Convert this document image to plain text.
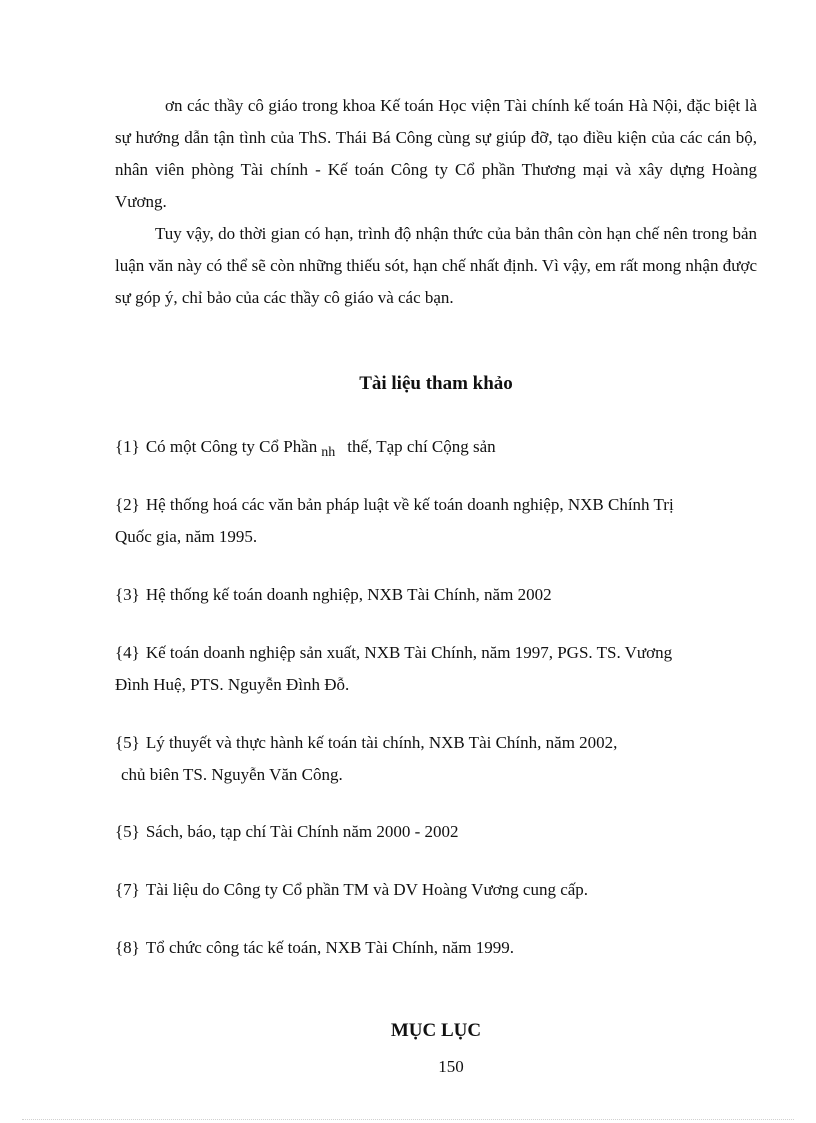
ơn các thầy cô giáo trong khoa Kế toán Học viện Tài chính kế toán Hà Nội, đặc biệt là sự hướng dẫn tận tình của ThS. Thái Bá Công cùng sự giúp đỡ, tạo điều kiện của các cán bộ, nhân viên phòng Tài chính - Kế toán Công ty Cổ phần Thương mại và xây dựng Hoàng Vương.

Tuy vậy, do thời gian có hạn, trình độ nhận thức của bản thân còn hạn chế nên trong bản luận văn này có thể sẽ còn những thiếu sót, hạn chế nhất định. Vì vậy, em rất mong nhận được sự góp ý, chỉ bảo của các thầy cô giáo và các bạn.

Tài liệu tham khảo

{1} Có một Công ty Cổ Phần $_{nh}$ thế, Tạp chí Cộng sản

{2} Hệ thống hoá các văn bản pháp luật về kế toán doanh nghiệp, NXB Chính Trị
Quốc gia, năm 1995.

{3} Hệ thống kế toán doanh nghiệp, NXB Tài Chính, năm 2002

{4} Kế toán doanh nghiệp sản xuất, NXB Tài Chính, năm 1997, PGS. TS. Vương
Đình Huệ, PTS. Nguyễn Đình Đỗ.

{5} Lý thuyết và thực hành kế toán tài chính, NXB Tài Chính, năm 2002,
chủ biên TS. Nguyễn Văn Công.

{5} Sách, báo, tạp chí Tài Chính năm 2000 - 2002

{7} Tài liệu do Công ty Cổ phần TM và DV Hoàng Vương cung cấp.

{8} Tổ chức công tác kế toán, NXB Tài Chính, năm 1999.

MỤC LỤC
150
